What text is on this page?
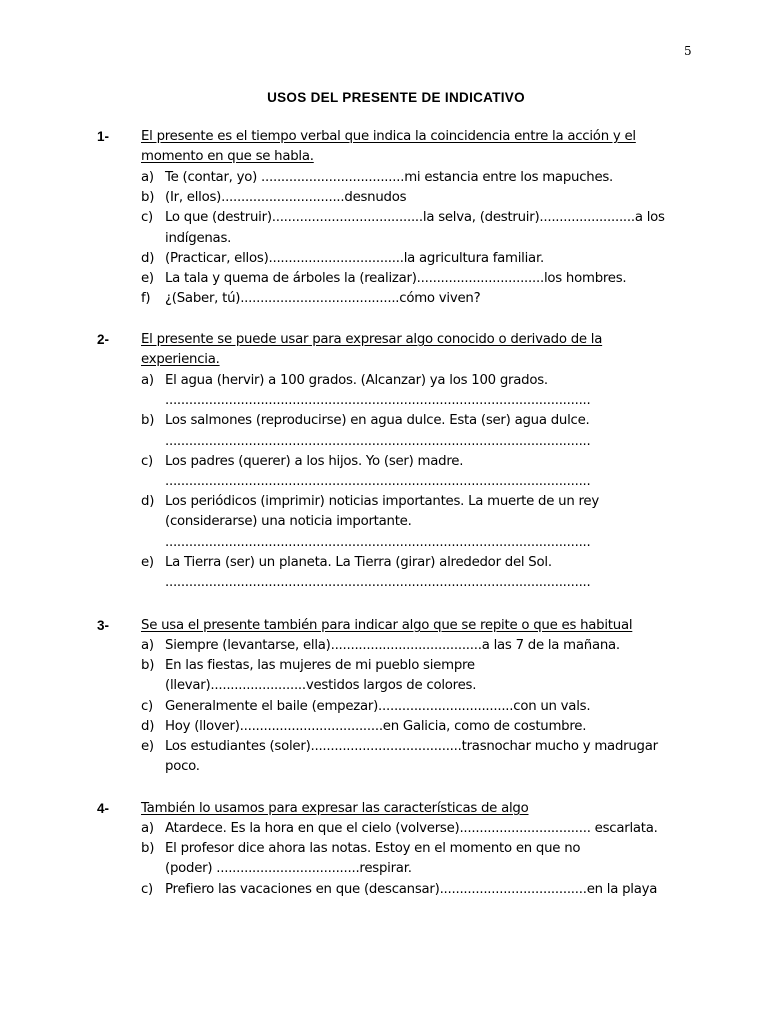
5
USOS DEL PRESENTE DE INDICATIVO
1- El presente es el tiempo verbal que indica la coincidencia entre la acción y el
momento en que se habla.
a) Te (contar, yo) ....................................mi estancia entre los mapuches.
b) (Ir, ellos)...............................desnudos
c) Lo que (destruir)......................................la selva, (destruir)........................a los
indígenas.
d) (Practicar, ellos)..................................la agricultura familiar.
e) La tala y quema de árboles la (realizar)................................los hombres.
f) ¿(Saber, tú)........................................cómo viven?
2- El presente se puede usar para expresar algo conocido o derivado de la
experiencia.
a) El agua (hervir) a 100 grados. (Alcanzar) ya los 100 grados.
...........................................................................................................
b) Los salmones (reproducirse) en agua dulce. Esta (ser) agua dulce.
...........................................................................................................
c) Los padres (querer) a los hijos. Yo (ser) madre.
...........................................................................................................
d) Los periódicos (imprimir) noticias importantes. La muerte de un rey
(considerarse) una noticia importante.
...........................................................................................................
e) La Tierra (ser) un planeta. La Tierra (girar) alrededor del Sol.
...........................................................................................................
3- Se usa el presente también para indicar algo que se repite o que es habitual
a) Siempre (levantarse, ella)......................................a las 7 de la mañana.
b) En las fiestas, las mujeres de mi pueblo siempre
(llevar)........................vestidos largos de colores.
c) Generalmente el baile (empezar)..................................con un vals.
d) Hoy (llover)....................................en Galicia, como de costumbre.
e) Los estudiantes (soler)......................................trasnochar mucho y madrugar
poco.
4- También lo usamos para expresar las características de algo
a) Atardece. Es la hora en que el cielo (volverse)................................. escarlata.
b) El profesor dice ahora las notas. Estoy en el momento en que no
(poder) ....................................respirar.
c) Prefiero las vacaciones en que (descansar).....................................en la playa
